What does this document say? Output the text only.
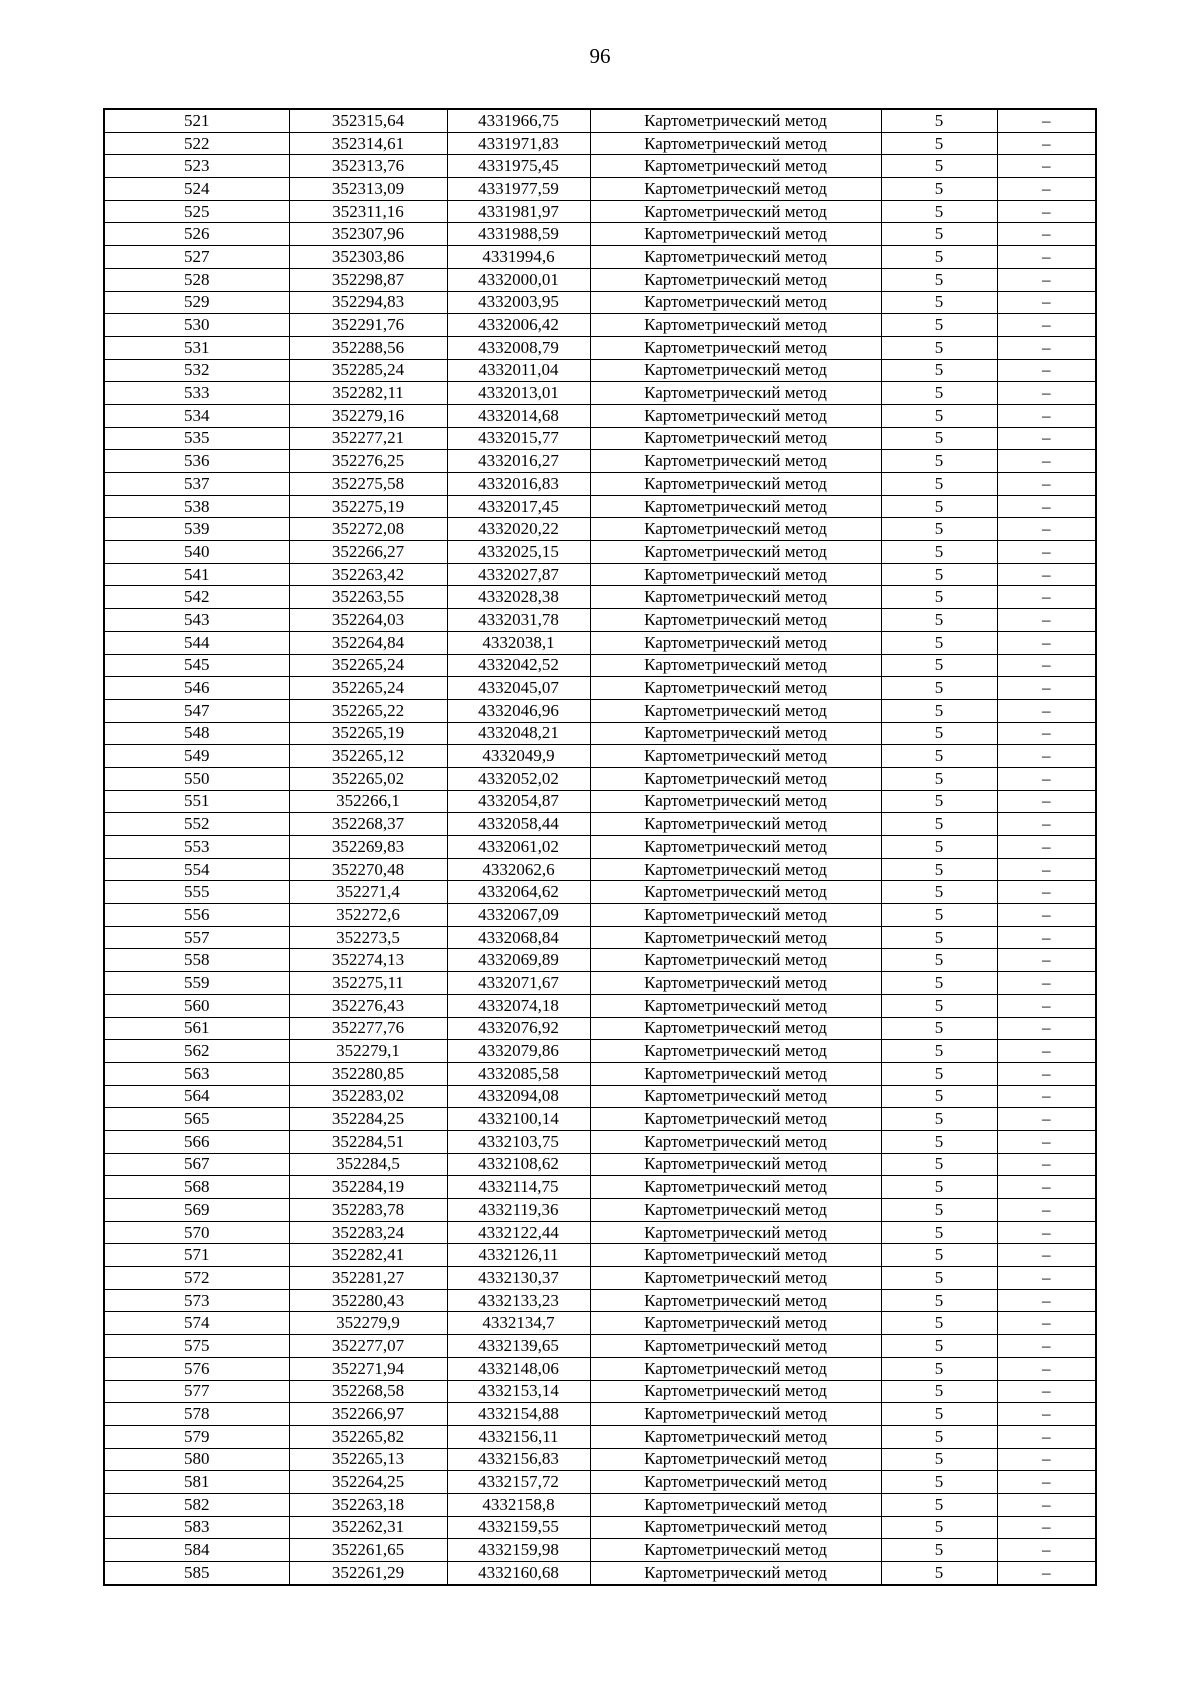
96
521	352315,64	4331966,75	Картометрический метод	5	–
522	352314,61	4331971,83	Картометрический метод	5	–
523	352313,76	4331975,45	Картометрический метод	5	–
524	352313,09	4331977,59	Картометрический метод	5	–
525	352311,16	4331981,97	Картометрический метод	5	–
526	352307,96	4331988,59	Картометрический метод	5	–
527	352303,86	4331994,6	Картометрический метод	5	–
528	352298,87	4332000,01	Картометрический метод	5	–
529	352294,83	4332003,95	Картометрический метод	5	–
530	352291,76	4332006,42	Картометрический метод	5	–
531	352288,56	4332008,79	Картометрический метод	5	–
532	352285,24	4332011,04	Картометрический метод	5	–
533	352282,11	4332013,01	Картометрический метод	5	–
534	352279,16	4332014,68	Картометрический метод	5	–
535	352277,21	4332015,77	Картометрический метод	5	–
536	352276,25	4332016,27	Картометрический метод	5	–
537	352275,58	4332016,83	Картометрический метод	5	–
538	352275,19	4332017,45	Картометрический метод	5	–
539	352272,08	4332020,22	Картометрический метод	5	–
540	352266,27	4332025,15	Картометрический метод	5	–
541	352263,42	4332027,87	Картометрический метод	5	–
542	352263,55	4332028,38	Картометрический метод	5	–
543	352264,03	4332031,78	Картометрический метод	5	–
544	352264,84	4332038,1	Картометрический метод	5	–
545	352265,24	4332042,52	Картометрический метод	5	–
546	352265,24	4332045,07	Картометрический метод	5	–
547	352265,22	4332046,96	Картометрический метод	5	–
548	352265,19	4332048,21	Картометрический метод	5	–
549	352265,12	4332049,9	Картометрический метод	5	–
550	352265,02	4332052,02	Картометрический метод	5	–
551	352266,1	4332054,87	Картометрический метод	5	–
552	352268,37	4332058,44	Картометрический метод	5	–
553	352269,83	4332061,02	Картометрический метод	5	–
554	352270,48	4332062,6	Картометрический метод	5	–
555	352271,4	4332064,62	Картометрический метод	5	–
556	352272,6	4332067,09	Картометрический метод	5	–
557	352273,5	4332068,84	Картометрический метод	5	–
558	352274,13	4332069,89	Картометрический метод	5	–
559	352275,11	4332071,67	Картометрический метод	5	–
560	352276,43	4332074,18	Картометрический метод	5	–
561	352277,76	4332076,92	Картометрический метод	5	–
562	352279,1	4332079,86	Картометрический метод	5	–
563	352280,85	4332085,58	Картометрический метод	5	–
564	352283,02	4332094,08	Картометрический метод	5	–
565	352284,25	4332100,14	Картометрический метод	5	–
566	352284,51	4332103,75	Картометрический метод	5	–
567	352284,5	4332108,62	Картометрический метод	5	–
568	352284,19	4332114,75	Картометрический метод	5	–
569	352283,78	4332119,36	Картометрический метод	5	–
570	352283,24	4332122,44	Картометрический метод	5	–
571	352282,41	4332126,11	Картометрический метод	5	–
572	352281,27	4332130,37	Картометрический метод	5	–
573	352280,43	4332133,23	Картометрический метод	5	–
574	352279,9	4332134,7	Картометрический метод	5	–
575	352277,07	4332139,65	Картометрический метод	5	–
576	352271,94	4332148,06	Картометрический метод	5	–
577	352268,58	4332153,14	Картометрический метод	5	–
578	352266,97	4332154,88	Картометрический метод	5	–
579	352265,82	4332156,11	Картометрический метод	5	–
580	352265,13	4332156,83	Картометрический метод	5	–
581	352264,25	4332157,72	Картометрический метод	5	–
582	352263,18	4332158,8	Картометрический метод	5	–
583	352262,31	4332159,55	Картометрический метод	5	–
584	352261,65	4332159,98	Картометрический метод	5	–
585	352261,29	4332160,68	Картометрический метод	5	–
